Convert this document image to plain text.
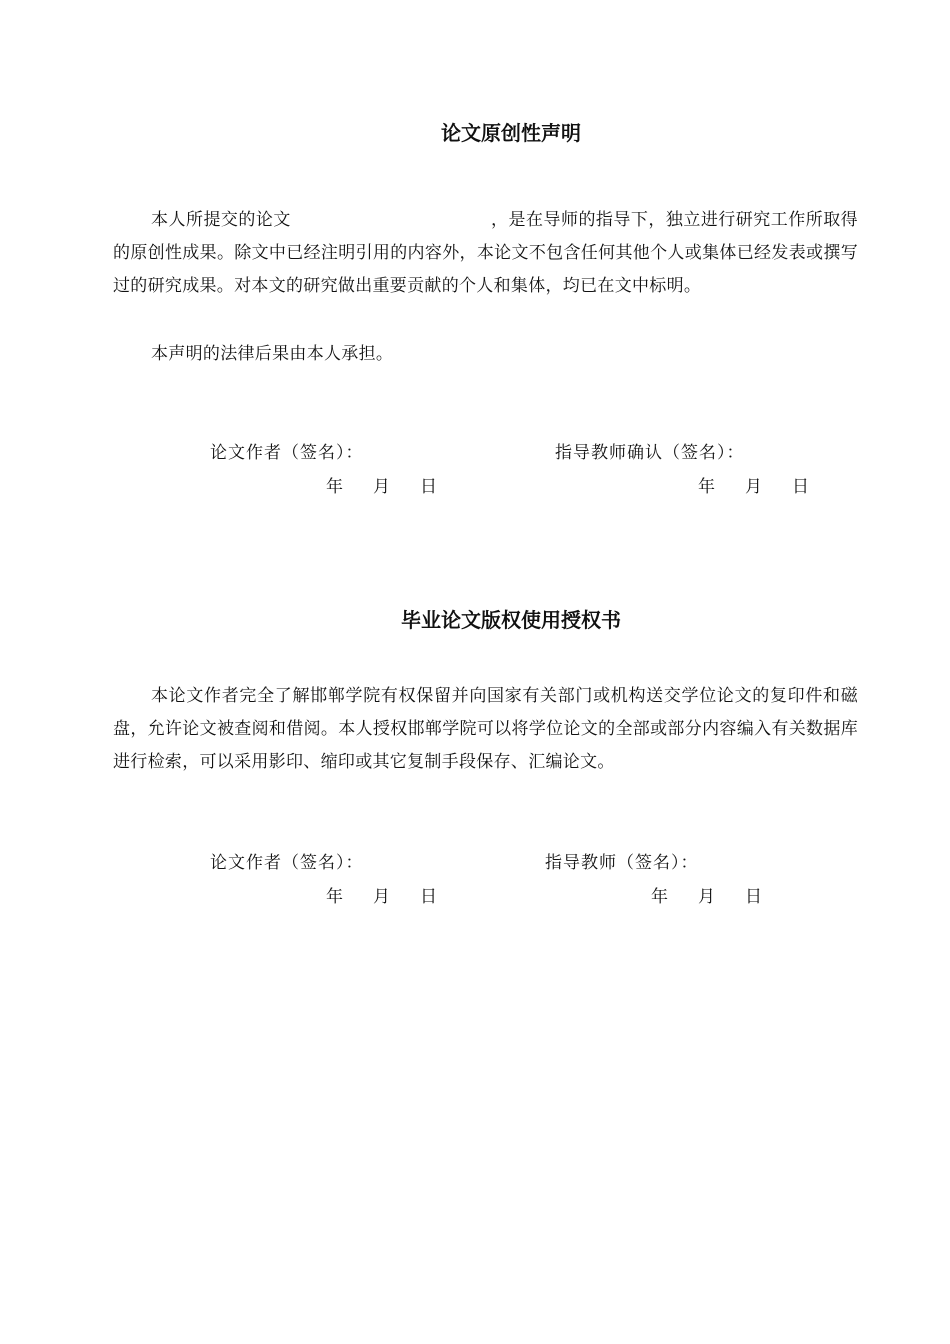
论文原创性声明

本人所提交的论文	，是在导师的指导下，独立进行研究工作所取得的原创性成果。除文中已经注明引用的内容外，本论文不包含任何其他个人或集体已经发表或撰写过的研究成果。对本文的研究做出重要贡献的个人和集体，均已在文中标明。

本声明的法律后果由本人承担。

论文作者（签名）：	指导教师确认（签名）：
年 月 日	年 月 日
毕业论文版权使用授权书

本论文作者完全了解邯郸学院有权保留并向国家有关部门或机构送交学位论文的复印件和磁盘，允许论文被查阅和借阅。本人授权邯郸学院可以将学位论文的全部或部分内容编入有关数据库进行检索，可以采用影印、缩印或其它复制手段保存、汇编论文。

论文作者（签名）：	指导教师（签名）：
年 月 日	年 月 日
